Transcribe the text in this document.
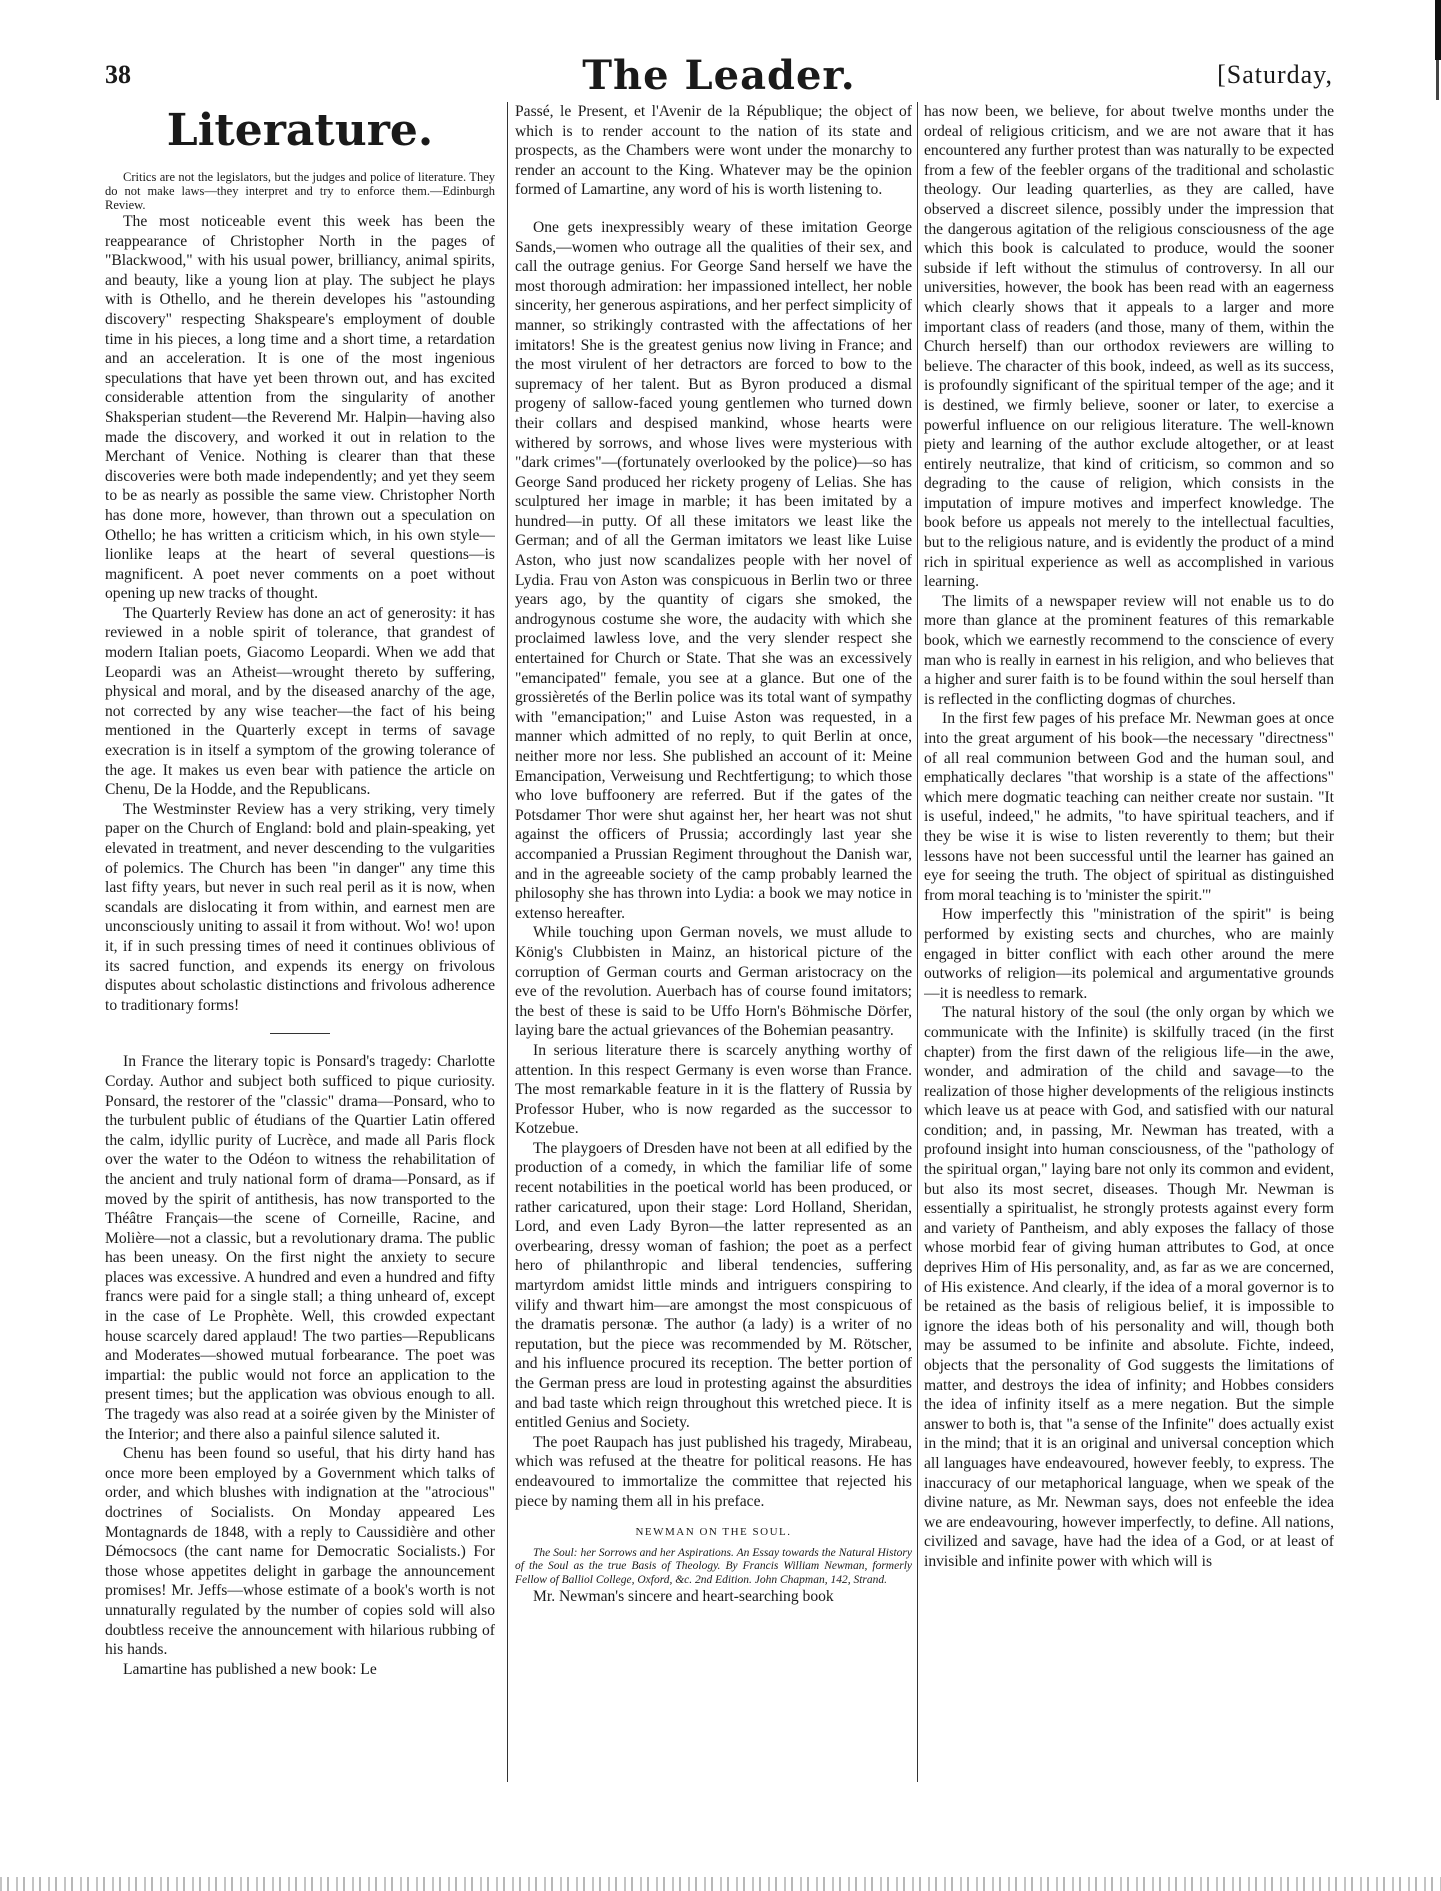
38	The Leader.	[Saturday,
Literature.

Critics are not the legislators, but the judges and police of literature. They do not make laws—they interpret and try to enforce them.—Edinburgh Review.

The most noticeable event this week has been the reappearance of Christopher North in the pages of "Blackwood," with his usual power, brilliancy, animal spirits, and beauty, like a young lion at play. The subject he plays with is Othello, and he therein developes his "astounding discovery" respecting Shakspeare's employment of double time in his pieces, a long time and a short time, a retardation and an acceleration. It is one of the most ingenious speculations that have yet been thrown out, and has excited considerable attention from the singularity of another Shaksperian student—the Reverend Mr. Halpin—having also made the discovery, and worked it out in relation to the Merchant of Venice. Nothing is clearer than that these discoveries were both made independently; and yet they seem to be as nearly as possible the same view. Christopher North has done more, however, than thrown out a speculation on Othello; he has written a criticism which, in his own style—lionlike leaps at the heart of several questions—is magnificent. A poet never comments on a poet without opening up new tracks of thought.

The Quarterly Review has done an act of generosity: it has reviewed in a noble spirit of tolerance, that grandest of modern Italian poets, Giacomo Leopardi. When we add that Leopardi was an Atheist—wrought thereto by suffering, physical and moral, and by the diseased anarchy of the age, not corrected by any wise teacher—the fact of his being mentioned in the Quarterly except in terms of savage execration is in itself a symptom of the growing tolerance of the age. It makes us even bear with patience the article on Chenu, De la Hodde, and the Republicans.

The Westminster Review has a very striking, very timely paper on the Church of England: bold and plain-speaking, yet elevated in treatment, and never descending to the vulgarities of polemics. The Church has been "in danger" any time this last fifty years, but never in such real peril as it is now, when scandals are dislocating it from within, and earnest men are unconsciously uniting to assail it from without. Wo! wo! upon it, if in such pressing times of need it continues oblivious of its sacred function, and expends its energy on frivolous disputes about scholastic distinctions and frivolous adherence to traditionary forms!

In France the literary topic is Ponsard's tragedy: Charlotte Corday. Author and subject both sufficed to pique curiosity. Ponsard, the restorer of the "classic" drama—Ponsard, who to the turbulent public of étudians of the Quartier Latin offered the calm, idyllic purity of Lucrèce, and made all Paris flock over the water to the Odéon to witness the rehabilitation of the ancient and truly national form of drama—Ponsard, as if moved by the spirit of antithesis, has now transported to the Théâtre Français—the scene of Corneille, Racine, and Molière—not a classic, but a revolutionary drama. The public has been uneasy. On the first night the anxiety to secure places was excessive. A hundred and even a hundred and fifty francs were paid for a single stall; a thing unheard of, except in the case of Le Prophète. Well, this crowded expectant house scarcely dared applaud! The two parties—Republicans and Moderates—showed mutual forbearance. The poet was impartial: the public would not force an application to the present times; but the application was obvious enough to all. The tragedy was also read at a soirée given by the Minister of the Interior; and there also a painful silence saluted it.

Chenu has been found so useful, that his dirty hand has once more been employed by a Government which talks of order, and which blushes with indignation at the "atrocious" doctrines of Socialists. On Monday appeared Les Montagnards de 1848, with a reply to Caussidière and other Démocsocs (the cant name for Democratic Socialists.) For those whose appetites delight in garbage the announcement promises! Mr. Jeffs—whose estimate of a book's worth is not unnaturally regulated by the number of copies sold will also doubtless receive the announcement with hilarious rubbing of his hands.

Lamartine has published a new book: Le

Passé, le Present, et l'Avenir de la République; the object of which is to render account to the nation of its state and prospects, as the Chambers were wont under the monarchy to render an account to the King. Whatever may be the opinion formed of Lamartine, any word of his is worth listening to.

One gets inexpressibly weary of these imitation George Sands,—women who outrage all the qualities of their sex, and call the outrage genius. For George Sand herself we have the most thorough admiration: her impassioned intellect, her noble sincerity, her generous aspirations, and her perfect simplicity of manner, so strikingly contrasted with the affectations of her imitators! She is the greatest genius now living in France; and the most virulent of her detractors are forced to bow to the supremacy of her talent. But as Byron produced a dismal progeny of sallow-faced young gentlemen who turned down their collars and despised mankind, whose hearts were withered by sorrows, and whose lives were mysterious with "dark crimes"—(fortunately overlooked by the police)—so has George Sand produced her rickety progeny of Lelias. She has sculptured her image in marble; it has been imitated by a hundred—in putty. Of all these imitators we least like the German; and of all the German imitators we least like Luise Aston, who just now scandalizes people with her novel of Lydia. Frau von Aston was conspicuous in Berlin two or three years ago, by the quantity of cigars she smoked, the androgynous costume she wore, the audacity with which she proclaimed lawless love, and the very slender respect she entertained for Church or State. That she was an excessively "emancipated" female, you see at a glance. But one of the grossièretés of the Berlin police was its total want of sympathy with "emancipation;" and Luise Aston was requested, in a manner which admitted of no reply, to quit Berlin at once, neither more nor less. She published an account of it: Meine Emancipation, Verweisung und Rechtfertigung; to which those who love buffoonery are referred. But if the gates of the Potsdamer Thor were shut against her, her heart was not shut against the officers of Prussia; accordingly last year she accompanied a Prussian Regiment throughout the Danish war, and in the agreeable society of the camp probably learned the philosophy she has thrown into Lydia: a book we may notice in extenso hereafter.

While touching upon German novels, we must allude to König's Clubbisten in Mainz, an historical picture of the corruption of German courts and German aristocracy on the eve of the revolution. Auerbach has of course found imitators; the best of these is said to be Uffo Horn's Böhmische Dörfer, laying bare the actual grievances of the Bohemian peasantry.

In serious literature there is scarcely anything worthy of attention. In this respect Germany is even worse than France. The most remarkable feature in it is the flattery of Russia by Professor Huber, who is now regarded as the successor to Kotzebue.

The playgoers of Dresden have not been at all edified by the production of a comedy, in which the familiar life of some recent notabilities in the poetical world has been produced, or rather caricatured, upon their stage: Lord Holland, Sheridan, Lord, and even Lady Byron—the latter represented as an overbearing, dressy woman of fashion; the poet as a perfect hero of philanthropic and liberal tendencies, suffering martyrdom amidst little minds and intriguers conspiring to vilify and thwart him—are amongst the most conspicuous of the dramatis personæ. The author (a lady) is a writer of no reputation, but the piece was recommended by M. Rötscher, and his influence procured its reception. The better portion of the German press are loud in protesting against the absurdities and bad taste which reign throughout this wretched piece. It is entitled Genius and Society.

The poet Raupach has just published his tragedy, Mirabeau, which was refused at the theatre for political reasons. He has endeavoured to immortalize the committee that rejected his piece by naming them all in his preface.

NEWMAN ON THE SOUL.

The Soul: her Sorrows and her Aspirations. An Essay towards the Natural History of the Soul as the true Basis of Theology. By Francis William Newman, formerly Fellow of Balliol College, Oxford, &c. 2nd Edition. John Chapman, 142, Strand.

Mr. Newman's sincere and heart-searching book

has now been, we believe, for about twelve months under the ordeal of religious criticism, and we are not aware that it has encountered any further protest than was naturally to be expected from a few of the feebler organs of the traditional and scholastic theology. Our leading quarterlies, as they are called, have observed a discreet silence, possibly under the impression that the dangerous agitation of the religious consciousness of the age which this book is calculated to produce, would the sooner subside if left without the stimulus of controversy. In all our universities, however, the book has been read with an eagerness which clearly shows that it appeals to a larger and more important class of readers (and those, many of them, within the Church herself) than our orthodox reviewers are willing to believe. The character of this book, indeed, as well as its success, is profoundly significant of the spiritual temper of the age; and it is destined, we firmly believe, sooner or later, to exercise a powerful influence on our religious literature. The well-known piety and learning of the author exclude altogether, or at least entirely neutralize, that kind of criticism, so common and so degrading to the cause of religion, which consists in the imputation of impure motives and imperfect knowledge. The book before us appeals not merely to the intellectual faculties, but to the religious nature, and is evidently the product of a mind rich in spiritual experience as well as accomplished in various learning.

The limits of a newspaper review will not enable us to do more than glance at the prominent features of this remarkable book, which we earnestly recommend to the conscience of every man who is really in earnest in his religion, and who believes that a higher and surer faith is to be found within the soul herself than is reflected in the conflicting dogmas of churches.

In the first few pages of his preface Mr. Newman goes at once into the great argument of his book—the necessary "directness" of all real communion between God and the human soul, and emphatically declares "that worship is a state of the affections" which mere dogmatic teaching can neither create nor sustain. "It is useful, indeed," he admits, "to have spiritual teachers, and if they be wise it is wise to listen reverently to them; but their lessons have not been successful until the learner has gained an eye for seeing the truth. The object of spiritual as distinguished from moral teaching is to 'minister the spirit.'"

How imperfectly this "ministration of the spirit" is being performed by existing sects and churches, who are mainly engaged in bitter conflict with each other around the mere outworks of religion—its polemical and argumentative grounds—it is needless to remark.

The natural history of the soul (the only organ by which we communicate with the Infinite) is skilfully traced (in the first chapter) from the first dawn of the religious life—in the awe, wonder, and admiration of the child and savage—to the realization of those higher developments of the religious instincts which leave us at peace with God, and satisfied with our natural condition; and, in passing, Mr. Newman has treated, with a profound insight into human consciousness, of the "pathology of the spiritual organ," laying bare not only its common and evident, but also its most secret, diseases. Though Mr. Newman is essentially a spiritualist, he strongly protests against every form and variety of Pantheism, and ably exposes the fallacy of those whose morbid fear of giving human attributes to God, at once deprives Him of His personality, and, as far as we are concerned, of His existence. And clearly, if the idea of a moral governor is to be retained as the basis of religious belief, it is impossible to ignore the ideas both of his personality and will, though both may be assumed to be infinite and absolute. Fichte, indeed, objects that the personality of God suggests the limitations of matter, and destroys the idea of infinity; and Hobbes considers the idea of infinity itself as a mere negation. But the simple answer to both is, that "a sense of the Infinite" does actually exist in the mind; that it is an original and universal conception which all languages have endeavoured, however feebly, to express. The inaccuracy of our metaphorical language, when we speak of the divine nature, as Mr. Newman says, does not enfeeble the idea we are endeavouring, however imperfectly, to define. All nations, civilized and savage, have had the idea of a God, or at least of invisible and infinite power with which will is
